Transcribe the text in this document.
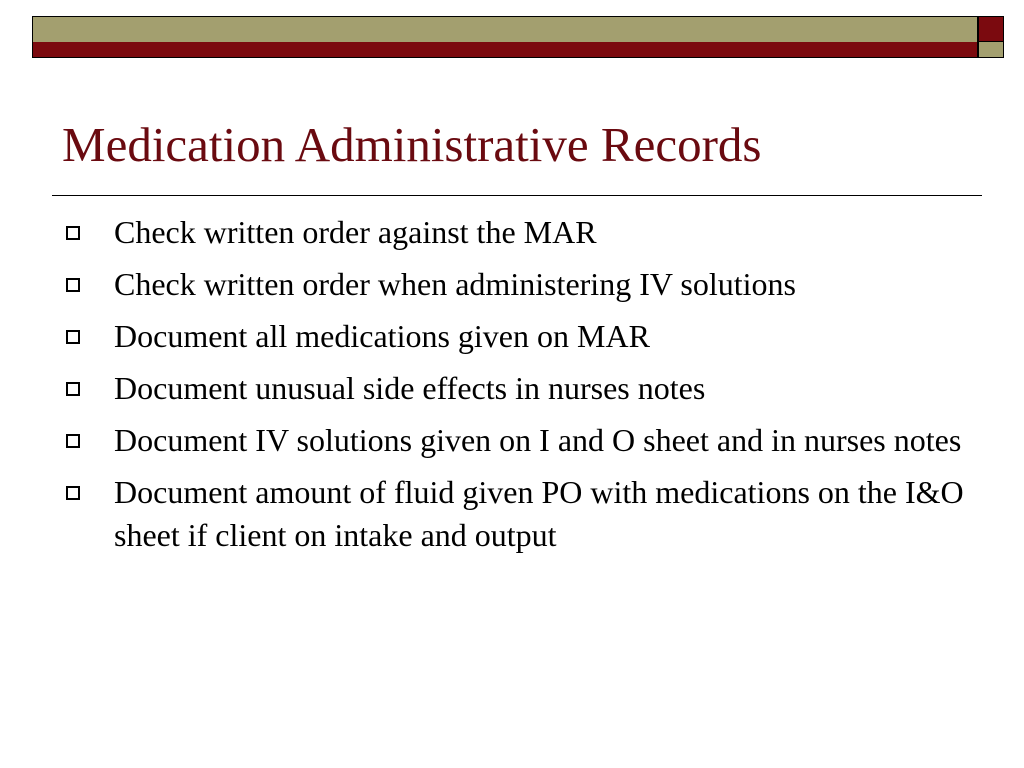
Medication Administrative Records
Check written order against the MAR
Check written order when administering IV solutions
Document all medications given on MAR
Document unusual side effects in nurses notes
Document IV solutions given on I and O sheet and in nurses notes
Document amount of fluid given PO with medications on the I&O sheet if client on intake and output
